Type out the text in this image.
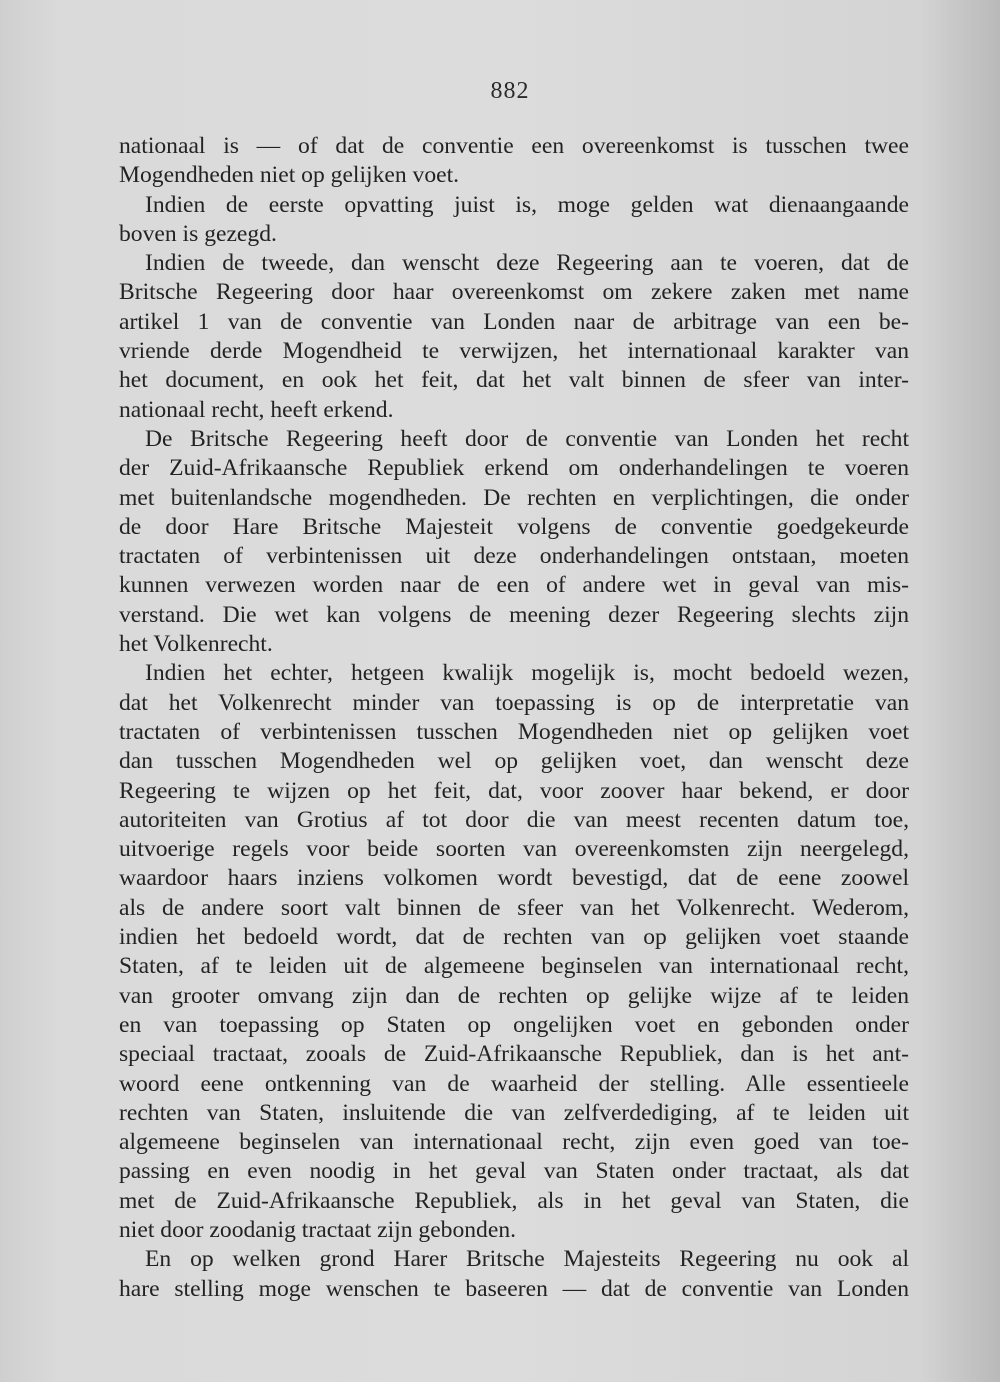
882
nationaal is — of dat de conventie een overeenkomst is tusschen twee
Mogendheden niet op gelijken voet.
Indien de eerste opvatting juist is, moge gelden wat dienaangaande
boven is gezegd.
Indien de tweede, dan wenscht deze Regeering aan te voeren, dat de
Britsche Regeering door haar overeenkomst om zekere zaken met name
artikel 1 van de conventie van Londen naar de arbitrage van een be-
vriende derde Mogendheid te verwijzen, het internationaal karakter van
het document, en ook het feit, dat het valt binnen de sfeer van inter-
nationaal recht, heeft erkend.
De Britsche Regeering heeft door de conventie van Londen het recht
der Zuid-Afrikaansche Republiek erkend om onderhandelingen te voeren
met buitenlandsche mogendheden. De rechten en verplichtingen, die onder
de door Hare Britsche Majesteit volgens de conventie goedgekeurde
tractaten of verbintenissen uit deze onderhandelingen ontstaan, moeten
kunnen verwezen worden naar de een of andere wet in geval van mis-
verstand. Die wet kan volgens de meening dezer Regeering slechts zijn
het Volkenrecht.
Indien het echter, hetgeen kwalijk mogelijk is, mocht bedoeld wezen,
dat het Volkenrecht minder van toepassing is op de interpretatie van
tractaten of verbintenissen tusschen Mogendheden niet op gelijken voet
dan tusschen Mogendheden wel op gelijken voet, dan wenscht deze
Regeering te wijzen op het feit, dat, voor zoover haar bekend, er door
autoriteiten van Grotius af tot door die van meest recenten datum toe,
uitvoerige regels voor beide soorten van overeenkomsten zijn neergelegd,
waardoor haars inziens volkomen wordt bevestigd, dat de eene zoowel
als de andere soort valt binnen de sfeer van het Volkenrecht. Wederom,
indien het bedoeld wordt, dat de rechten van op gelijken voet staande
Staten, af te leiden uit de algemeene beginselen van internationaal recht,
van grooter omvang zijn dan de rechten op gelijke wijze af te leiden
en van toepassing op Staten op ongelijken voet en gebonden onder
speciaal tractaat, zooals de Zuid-Afrikaansche Republiek, dan is het ant-
woord eene ontkenning van de waarheid der stelling. Alle essentieele
rechten van Staten, insluitende die van zelfverdediging, af te leiden uit
algemeene beginselen van internationaal recht, zijn even goed van toe-
passing en even noodig in het geval van Staten onder tractaat, als dat
met de Zuid-Afrikaansche Republiek, als in het geval van Staten, die
niet door zoodanig tractaat zijn gebonden.
En op welken grond Harer Britsche Majesteits Regeering nu ook al
hare stelling moge wenschen te baseeren — dat de conventie van Londen
